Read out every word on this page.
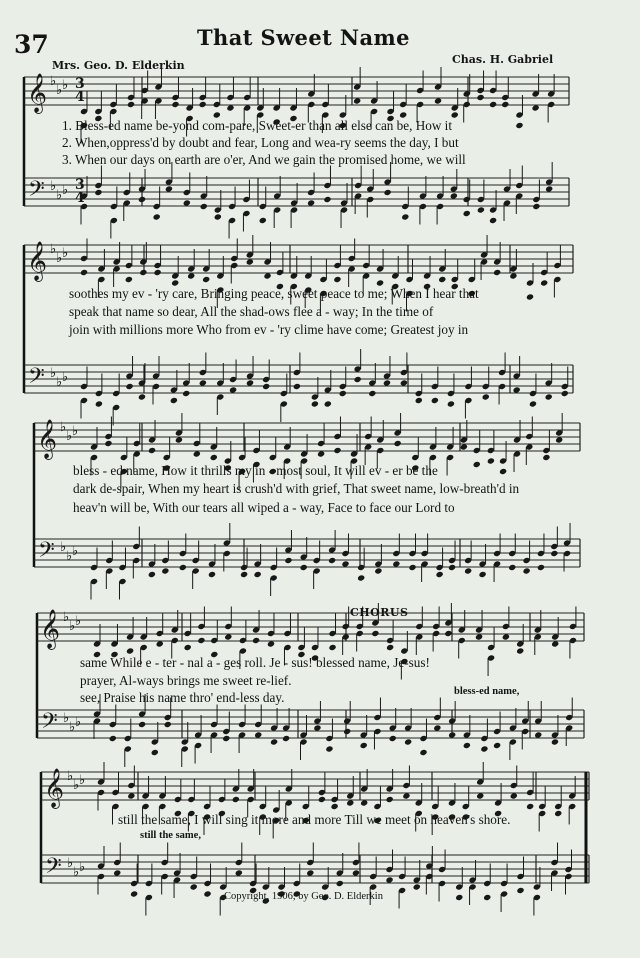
37	That Sweet Name
Mrs. Geo. D. Elderkin	Chas. H. Gabriel
𝄞
𝄢
♭
♭ ♭
♭
♭ ♭
𝄞
𝄢
♭
♭ ♭
♭
♭ ♭
𝄞
𝄢
♭
♭ ♭
♭
♭ ♭
𝄞
𝄢
♭
♭ ♭
♭
♭ ♭
𝄞
𝄢
♭
♭ ♭
♭
♭ ♭
3
3
4
4
1. Bless-ed name be-yond com-pare, Sweet-er than all else can be, How it
2. When,oppress'd by doubt and fear, Long and wea-ry seems the day, I but
3. When our days on earth are o'er, And we gain the promised home, we will
soothes my ev - 'ry care, Bringing peace, sweet peace to me; When I hear that
speak that name so dear, All the shad-ows flee a - way; In the time of
join with millions more Who from ev - 'ry clime have come; Greatest joy in
bless - ed name, How it thrills my in - most soul, It will ev - er be the
dark de-spair, When my heart is crush'd with grief, That sweet name, low-breath'd in
heav'n will be, With our tears all wiped a - way, Face to face our Lord to
CHORUS
same While e - ter - nal a - ges roll. Je - sus! blessed name, Je-sus!
prayer, Al-ways brings me sweet re-lief.
see, Praise his name thro' end-less day.	bless-ed name,
still the same, I will sing it more and more Till we meet on heaven's shore.
still the same,
Copyright, 1906, by Geo. D. Elderkin
